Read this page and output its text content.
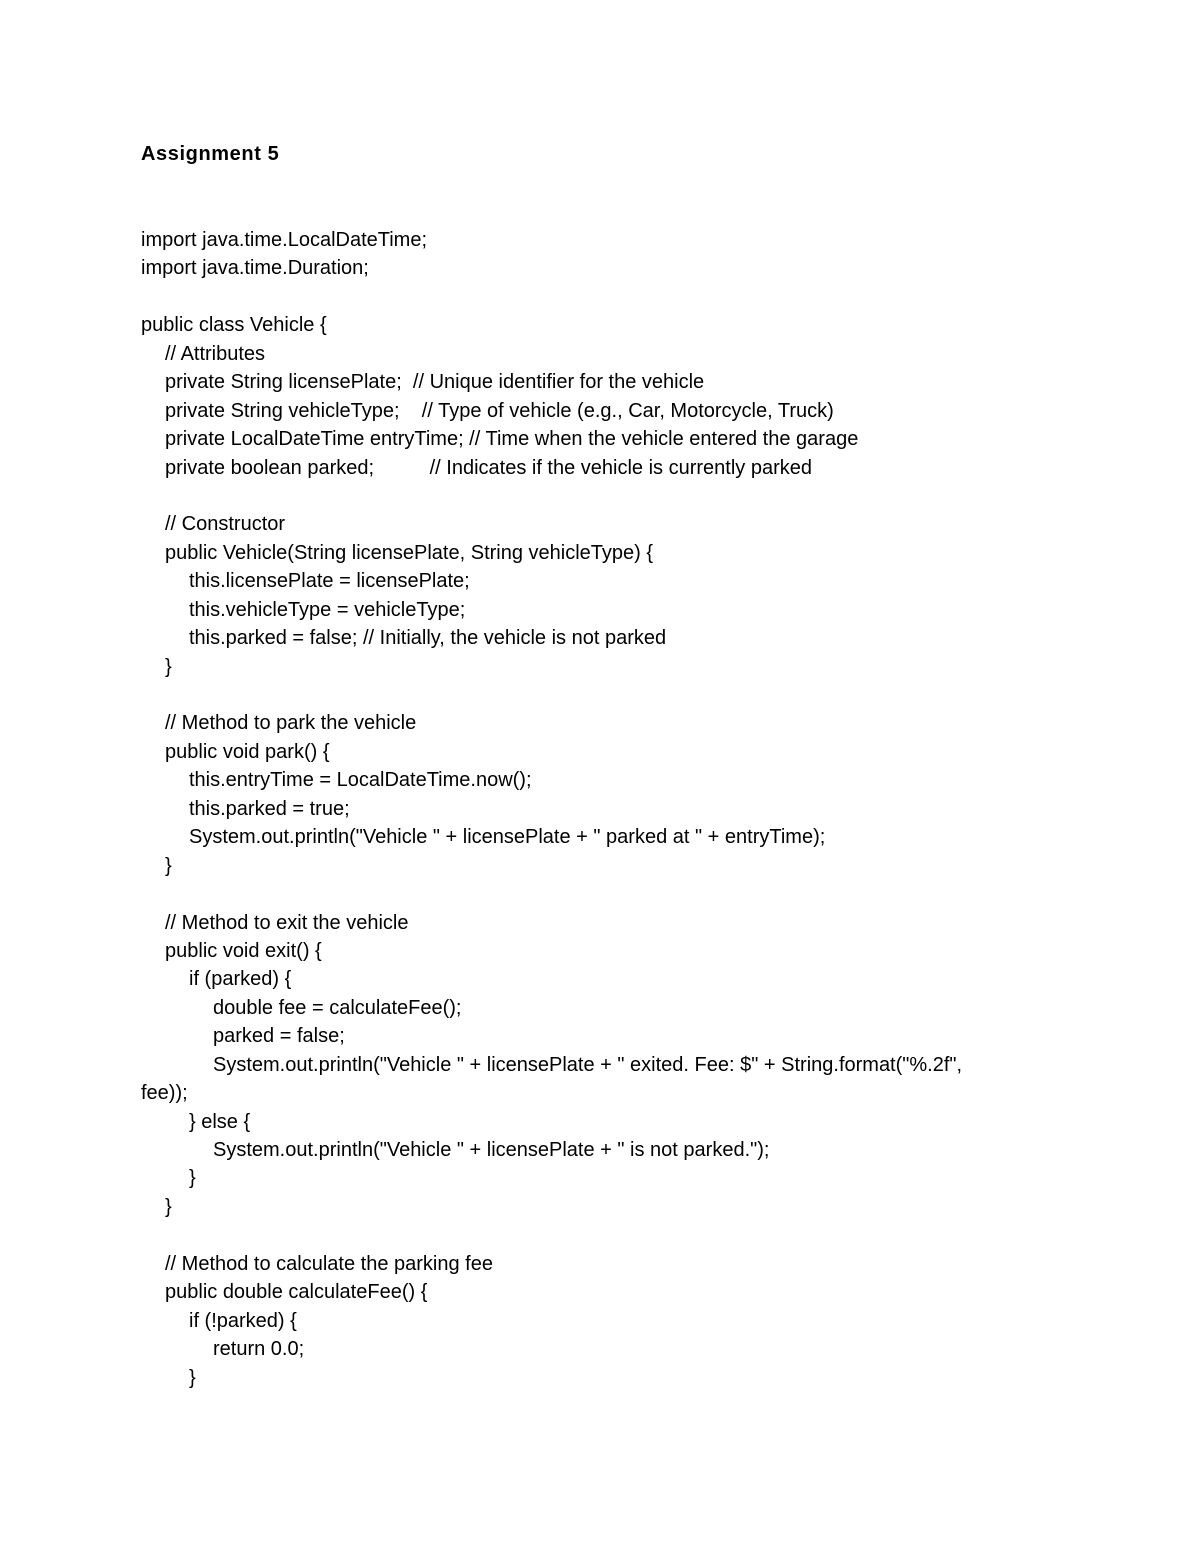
Assignment 5
import java.time.LocalDateTime;
import java.time.Duration;
public class Vehicle {
// Attributes
private String licensePlate;  // Unique identifier for the vehicle
private String vehicleType;    // Type of vehicle (e.g., Car, Motorcycle, Truck)
private LocalDateTime entryTime; // Time when the vehicle entered the garage
private boolean parked;          // Indicates if the vehicle is currently parked
// Constructor
public Vehicle(String licensePlate, String vehicleType) {
this.licensePlate = licensePlate;
this.vehicleType = vehicleType;
this.parked = false; // Initially, the vehicle is not parked
}
// Method to park the vehicle
public void park() {
this.entryTime = LocalDateTime.now();
this.parked = true;
System.out.println("Vehicle " + licensePlate + " parked at " + entryTime);
}
// Method to exit the vehicle
public void exit() {
if (parked) {
double fee = calculateFee();
parked = false;
System.out.println("Vehicle " + licensePlate + " exited. Fee: $" + String.format("%.2f",
fee));
} else {
System.out.println("Vehicle " + licensePlate + " is not parked.");
}
}
// Method to calculate the parking fee
public double calculateFee() {
if (!parked) {
return 0.0;
}
